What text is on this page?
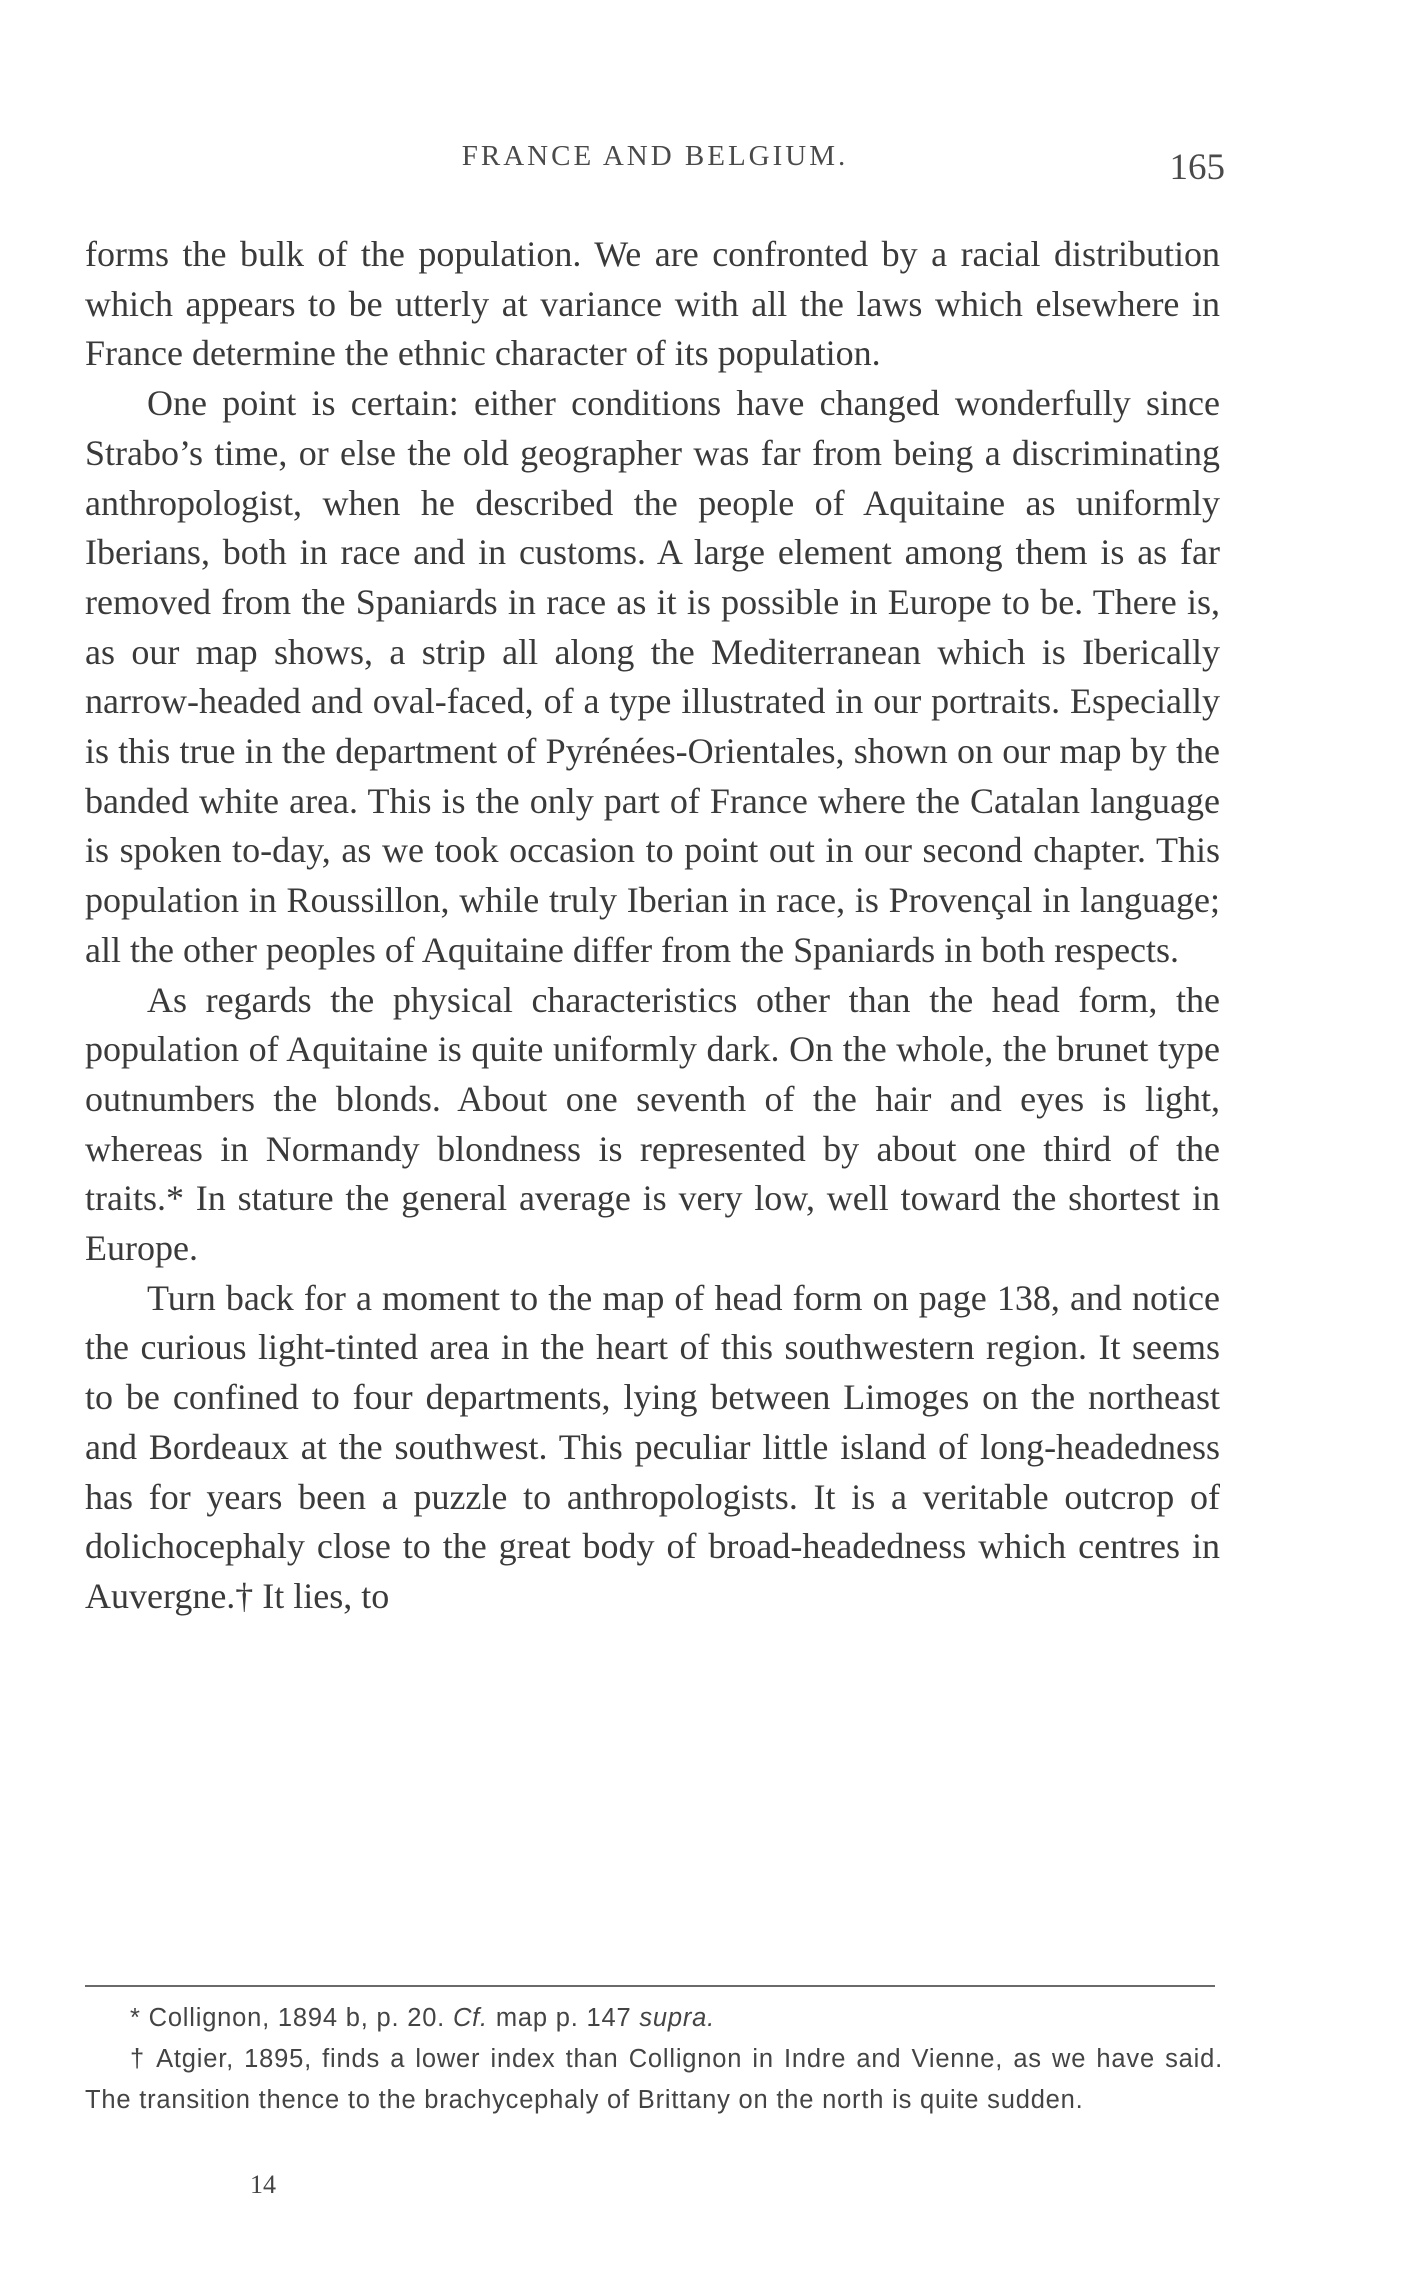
FRANCE AND BELGIUM.	165

forms the bulk of the population. We are confronted by a racial distribution which appears to be utterly at variance with all the laws which elsewhere in France determine the ethnic character of its population.

One point is certain: either conditions have changed wonderfully since Strabo’s time, or else the old geographer was far from being a discriminating anthropologist, when he described the people of Aquitaine as uniformly Iberians, both in race and in customs. A large element among them is as far removed from the Spaniards in race as it is possible in Europe to be. There is, as our map shows, a strip all along the Mediterranean which is Iberically narrow-headed and oval-faced, of a type illustrated in our portraits. Especially is this true in the department of Pyrénées-Orientales, shown on our map by the banded white area. This is the only part of France where the Catalan language is spoken to-day, as we took occasion to point out in our second chapter. This population in Roussillon, while truly Iberian in race, is Provençal in language; all the other peoples of Aquitaine differ from the Spaniards in both respects.

As regards the physical characteristics other than the head form, the population of Aquitaine is quite uniformly dark. On the whole, the brunet type outnumbers the blonds. About one seventh of the hair and eyes is light, whereas in Normandy blondness is represented by about one third of the traits.* In stature the general average is very low, well toward the shortest in Europe.

Turn back for a moment to the map of head form on page 138, and notice the curious light-tinted area in the heart of this southwestern region. It seems to be confined to four departments, lying between Limoges on the northeast and Bordeaux at the southwest. This peculiar little island of long-headedness has for years been a puzzle to anthropologists. It is a veritable outcrop of dolichocephaly close to the great body of broad-headedness which centres in Auvergne.† It lies, to

* Collignon, 1894 b, p. 20. Cf. map p. 147 supra.

† Atgier, 1895, finds a lower index than Collignon in Indre and Vienne, as we have said. The transition thence to the brachycephaly of Brittany on the north is quite sudden.

14
